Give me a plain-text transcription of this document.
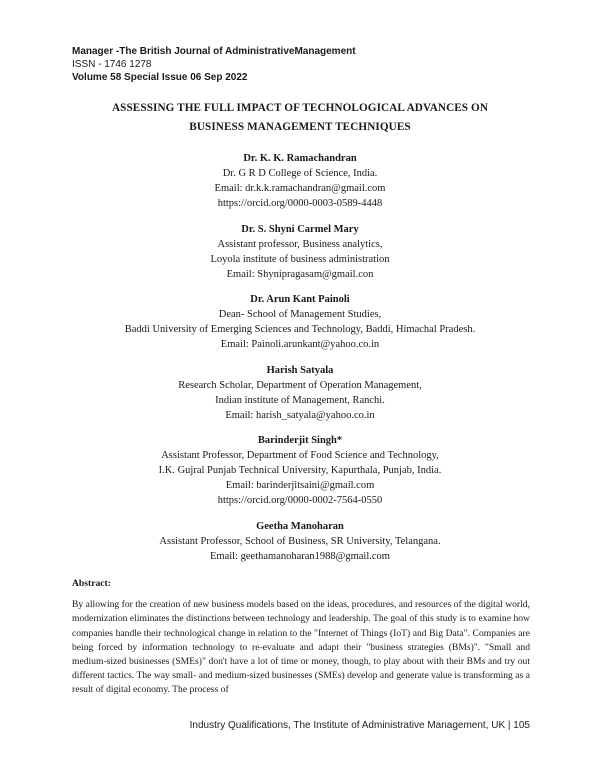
Manager -The British Journal of AdministrativeManagement
ISSN - 1746 1278
Volume 58 Special Issue 06 Sep 2022
ASSESSING THE FULL IMPACT OF TECHNOLOGICAL ADVANCES ON
BUSINESS MANAGEMENT TECHNIQUES
Dr. K. K. Ramachandran
Dr. G R D College of Science, India.
Email: dr.k.k.ramachandran@gmail.com
https://orcid.org/0000-0003-0589-4448
Dr. S. Shyni Carmel Mary
Assistant professor, Business analytics,
Loyola institute of business administration
Email: Shynipragasam@gmail.con
Dr. Arun Kant Painoli
Dean- School of Management Studies,
Baddi University of Emerging Sciences and Technology, Baddi, Himachal Pradesh.
Email: Painoli.arunkant@yahoo.co.in
Harish Satyala
Research Scholar, Department of Operation Management,
Indian institute of Management, Ranchi.
Email: harish_satyala@yahoo.co.in
Barinderjit Singh*
Assistant Professor, Department of Food Science and Technology,
I.K. Gujral Punjab Technical University, Kapurthala, Punjab, India.
Email: barinderjitsaini@gmail.com
https://orcid.org/0000-0002-7564-0550
Geetha Manoharan
Assistant Professor, School of Business, SR University, Telangana.
Email: geethamanoharan1988@gmail.com
Abstract:
By allowing for the creation of new business models based on the ideas, procedures, and resources of the digital world, modernization eliminates the distinctions between technology and leadership. The goal of this study is to examine how companies handle their technological change in relation to the "Internet of Things (IoT) and Big Data". Companies are being forced by information technology to re-evaluate and adapt their "business strategies (BMs)". "Small and medium-sized businesses (SMEs)" don't have a lot of time or money, though, to play about with their BMs and try out different tactics. The way small- and medium-sized businesses (SMEs) develop and generate value is transforming as a result of digital economy. The process of
Industry Qualifications, The Institute of Administrative Management, UK | 105
